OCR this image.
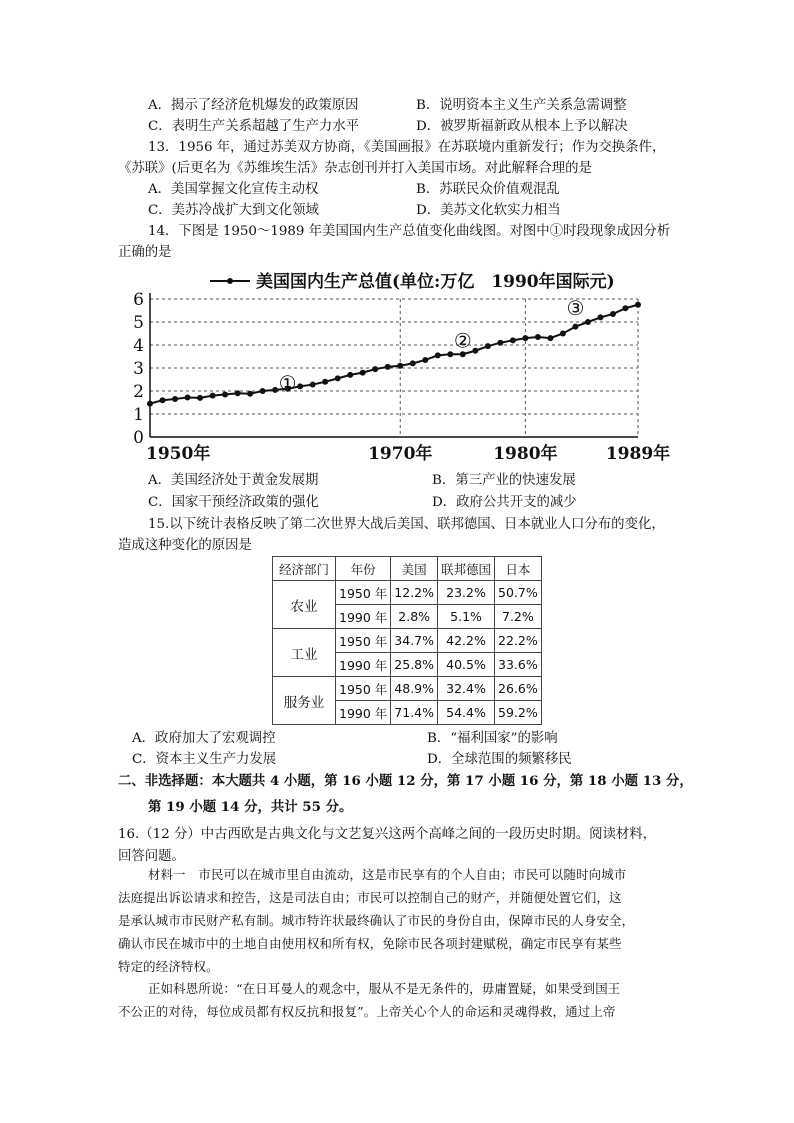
A．揭示了经济危机爆发的政策原因	B．说明资本主义生产关系急需调整
C．表明生产关系超越了生产力水平	D．被罗斯福新政从根本上予以解决
13．1956 年，通过苏美双方协商，《美国画报》在苏联境内重新发行；作为交换条件，
《苏联》(后更名为《苏维埃生活》杂志创刊并打入美国市场。对此解释合理的是
A．美国掌握文化宣传主动权	B．苏联民众价值观混乱
C．美苏冷战扩大到文化领域	D．美苏文化软实力相当
14．下图是 1950～1989 年美国国内生产总值变化曲线图。对图中①时段现象成因分析
正确的是
0
1
2
3
4
5
6
1950年	1970年	1980年	1989年
美国国内生产总值(单位:万亿　1990年国际元)
①
②
③
A．美国经济处于黄金发展期	B．第三产业的快速发展
C．国家干预经济政策的强化	D．政府公共开支的减少
15.以下统计表格反映了第二次世界大战后美国、联邦德国、日本就业人口分布的变化，
造成这种变化的原因是
经济部门	年份	美国	联邦德国	日本
农业	1950 年	12.2%	23.2%	50.7%
	1990 年	2.8%	5.1%	7.2%
工业	1950 年	34.7%	42.2%	22.2%
	1990 年	25.8%	40.5%	33.6%
服务业	1950 年	48.9%	32.4%	26.6%
	1990 年	71.4%	54.4%	59.2%
A．政府加大了宏观调控	B．“福利国家”的影响
C．资本主义生产力发展	D．全球范围的频繁移民
二、非选择题：本大题共 4 小题，第 16 小题 12 分，第 17 小题 16 分，第 18 小题 13 分，
第 19 小题 14 分，共计 55 分。
16.（12 分）中古西欧是古典文化与文艺复兴这两个高峰之间的一段历史时期。阅读材料，
回答问题。
材料一　市民可以在城市里自由流动，这是市民享有的个人自由；市民可以随时向城市
法庭提出诉讼请求和控告，这是司法自由；市民可以控制自己的财产，并随便处置它们，这
是承认城市市民财产私有制。城市特许状最终确认了市民的身份自由，保障市民的人身安全，
确认市民在城市中的土地自由使用权和所有权，免除市民各项封建赋税，确定市民享有某些
特定的经济特权。
正如科恩所说：“在日耳曼人的观念中，服从不是无条件的，毋庸置疑，如果受到国王
不公正的对待，每位成员都有权反抗和报复”。上帝关心个人的命运和灵魂得救，通过上帝
